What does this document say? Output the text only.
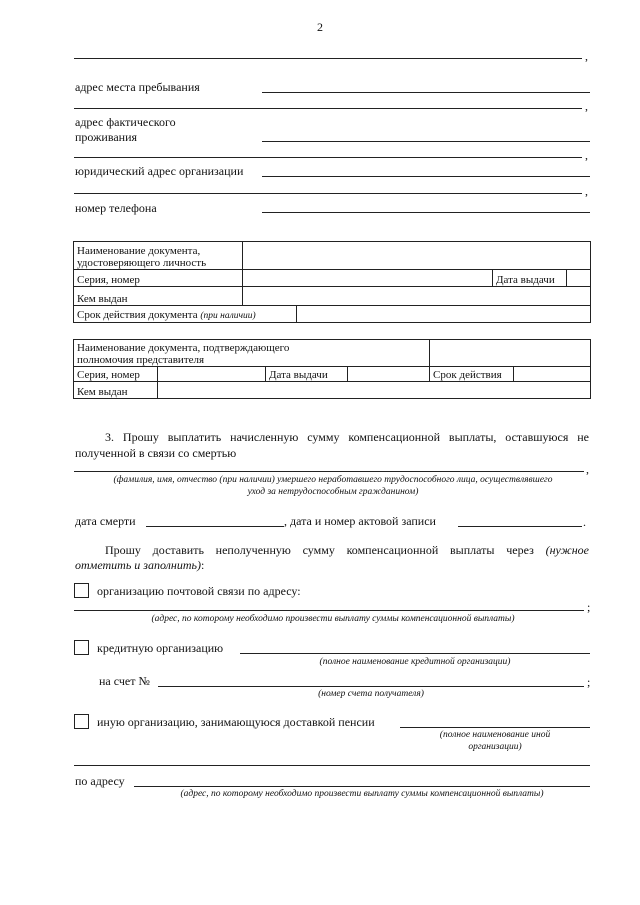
2
,
адрес места пребывания
,
адрес фактического
проживания
,
юридический адрес организации
,
номер телефона
Наименование документа,
удостоверяющего личность				
Серия, номер			Дата выдачи	
Кем выдан				
Срок действия документа (при наличии)				
Наименование документа, подтверждающего
полномочия представителя					
Серия, номер		Дата выдачи		Срок действия	
Кем выдан					
3. Прошу выплатить начисленную сумму компенсационной выплаты, оставшуюся не
полученной в связи со смертью
,
(фамилия, имя, отчество (при наличии) умершего неработавшего трудоспособного лица, осуществлявшего
уход за нетрудоспособным гражданином)
дата смерти	, дата и номер актовой записи	.
Прошу доставить неполученную сумму компенсационной выплаты через (нужное
отметить и заполнить):
организацию почтовой связи по адресу:
;
(адрес, по которому необходимо произвести выплату суммы компенсационной выплаты)
кредитную организацию
(полное наименование кредитной организации)
на счет №	;
(номер счета получателя)
иную организацию, занимающуюся доставкой пенсии
(полное наименование иной
организации)
по адресу
(адрес, по которому необходимо произвести выплату суммы компенсационной выплаты)
